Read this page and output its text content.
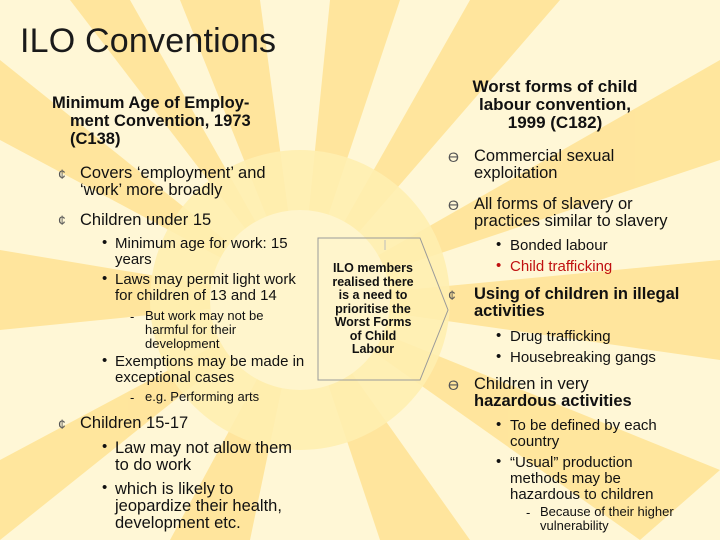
ILO Conventions
Minimum Age of Employ-
ment Convention, 1973
(C138)
¢ Covers ‘employment’ and
‘work’ more broadly
¢ Children under 15
• Minimum age for work: 15
years
• Laws may permit light work
for children of 13 and 14
- But work may not be
harmful for their
development
• Exemptions may be made in
exceptional cases
- e.g. Performing arts
¢ Children 15-17
• Law may not allow them
to do work
• which is likely to
jeopardize their health,
development etc.
ILO members
realised there
is a need to
prioritise the
Worst Forms
of Child
Labour
Worst forms of child
labour convention,
1999 (C182)
ϴ Commercial sexual
exploitation
ϴ All forms of slavery or
practices similar to slavery
• Bonded labour
• Child trafficking
¢ Using of children in illegal
activities
• Drug trafficking
• Housebreaking gangs
ϴ Children in very
hazardous activities
• To be defined by each
country
• “Usual” production
methods may be
hazardous to children
- Because of their higher
vulnerability
